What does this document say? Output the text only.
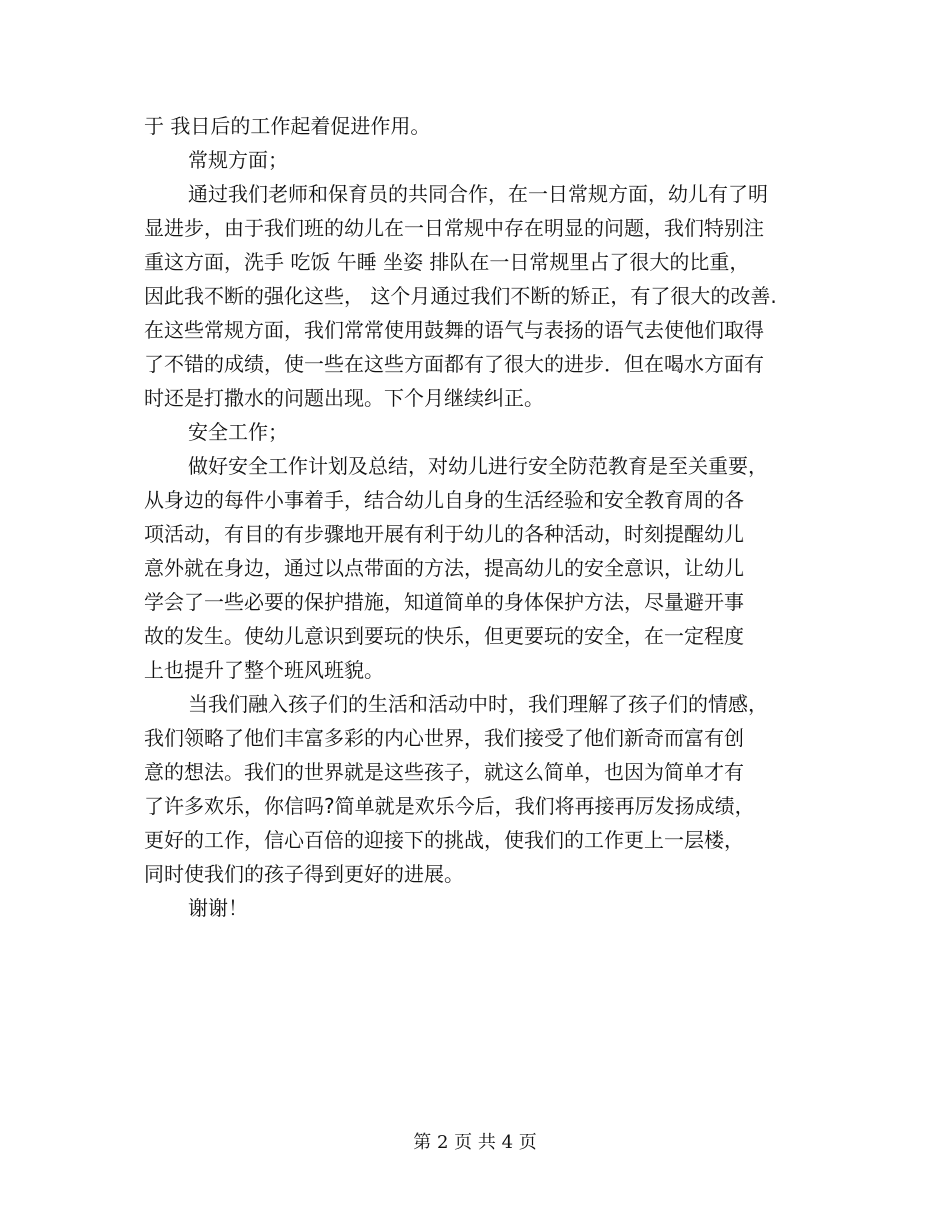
于 我日后的工作起着促进作用。
常规方面；
通过我们老师和保育员的共同合作，在一日常规方面，幼儿有了明
显进步，由于我们班的幼儿在一日常规中存在明显的问题，我们特别注
重这方面，洗手 吃饭 午睡 坐姿 排队在一日常规里占了很大的比重，
因此我不断的强化这些， 这个月通过我们不断的矫正，有了很大的改善.
在这些常规方面，我们常常使用鼓舞的语气与表扬的语气去使他们取得
了不错的成绩，使一些在这些方面都有了很大的进步．但在喝水方面有
时还是打撒水的问题出现。下个月继续纠正。
安全工作；
做好安全工作计划及总结，对幼儿进行安全防范教育是至关重要，
从身边的每件小事着手，结合幼儿自身的生活经验和安全教育周的各
项活动，有目的有步骤地开展有利于幼儿的各种活动，时刻提醒幼儿
意外就在身边，通过以点带面的方法，提高幼儿的安全意识，让幼儿
学会了一些必要的保护措施，知道简单的身体保护方法，尽量避开事
故的发生。使幼儿意识到要玩的快乐，但更要玩的安全，在一定程度
上也提升了整个班风班貌。
当我们融入孩子们的生活和活动中时，我们理解了孩子们的情感，
我们领略了他们丰富多彩的内心世界，我们接受了他们新奇而富有创
意的想法。我们的世界就是这些孩子，就这么简单，也因为简单才有
了许多欢乐，你信吗?简单就是欢乐今后，我们将再接再厉发扬成绩，
更好的工作，信心百倍的迎接下的挑战，使我们的工作更上一层楼，
同时使我们的孩子得到更好的进展。
谢谢！
第 2 页 共 4 页
